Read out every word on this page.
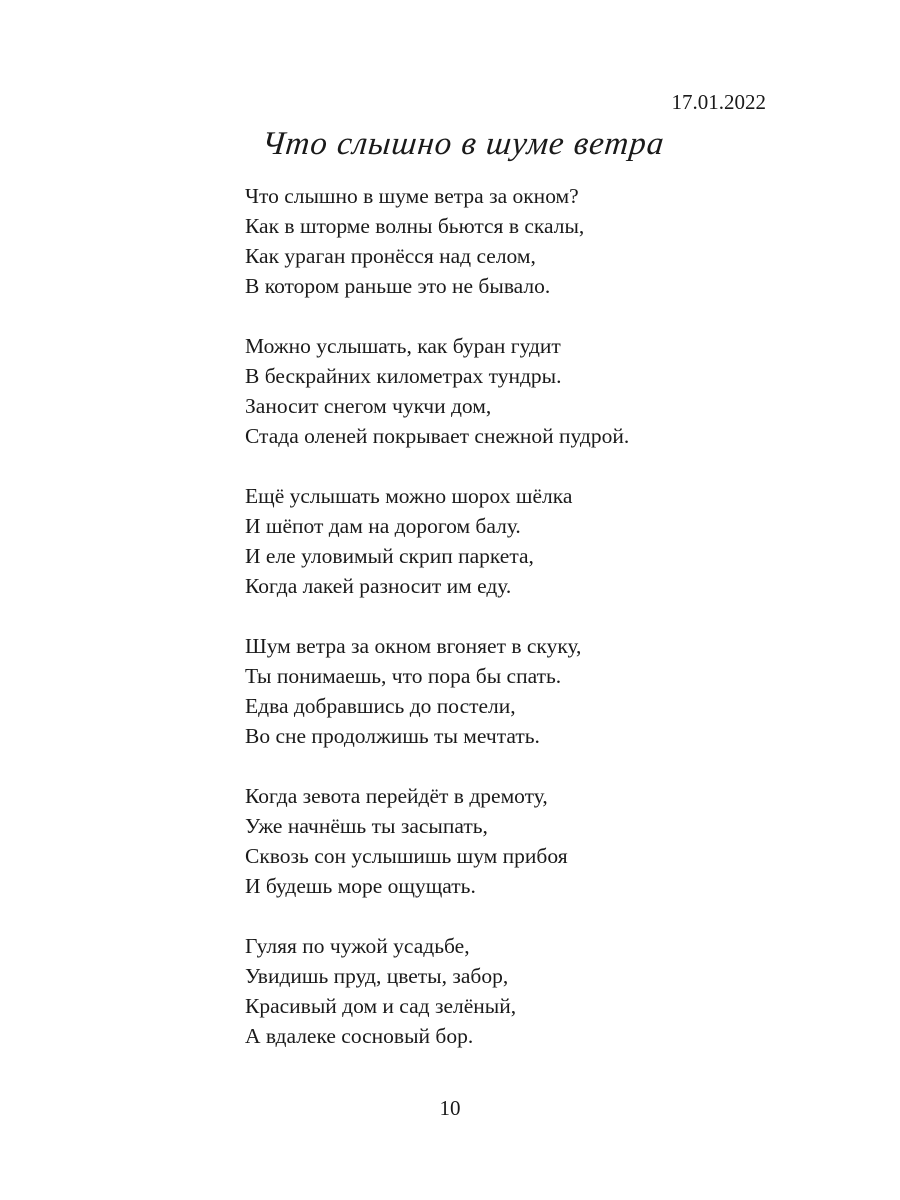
17.01.2022
Что слышно в шуме ветра
Что слышно в шуме ветра за окном?
Как в шторме волны бьются в скалы,
Как ураган пронёсся над селом,
В котором раньше это не бывало.
Можно услышать, как буран гудит
В бескрайних километрах тундры.
Заносит снегом чукчи дом,
Стада оленей покрывает снежной пудрой.
Ещё услышать можно шорох шёлка
И шёпот дам на дорогом балу.
И еле уловимый скрип паркета,
Когда лакей разносит им еду.
Шум ветра за окном вгоняет в скуку,
Ты понимаешь, что пора бы спать.
Едва добравшись до постели,
Во сне продолжишь ты мечтать.
Когда зевота перейдёт в дремоту,
Уже начнёшь ты засыпать,
Сквозь сон услышишь шум прибоя
И будешь море ощущать.
Гуляя по чужой усадьбе,
Увидишь пруд, цветы, забор,
Красивый дом и сад зелёный,
А вдалеке сосновый бор.
10
